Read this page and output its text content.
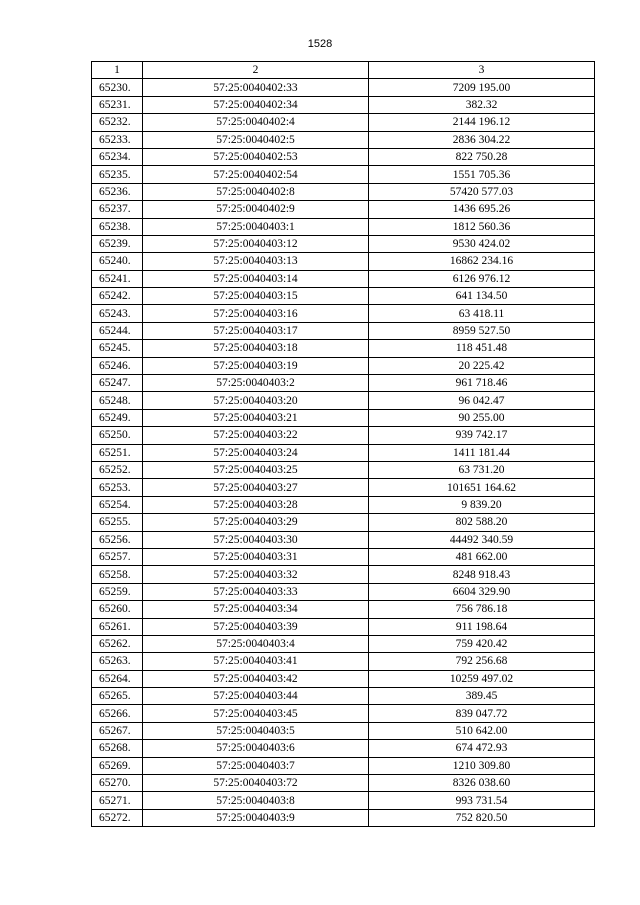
1528
1	2	3
65230.	57:25:0040402:33	7209 195.00
65231.	57:25:0040402:34	382.32
65232.	57:25:0040402:4	2144 196.12
65233.	57:25:0040402:5	2836 304.22
65234.	57:25:0040402:53	822 750.28
65235.	57:25:0040402:54	1551 705.36
65236.	57:25:0040402:8	57420 577.03
65237.	57:25:0040402:9	1436 695.26
65238.	57:25:0040403:1	1812 560.36
65239.	57:25:0040403:12	9530 424.02
65240.	57:25:0040403:13	16862 234.16
65241.	57:25:0040403:14	6126 976.12
65242.	57:25:0040403:15	641 134.50
65243.	57:25:0040403:16	63 418.11
65244.	57:25:0040403:17	8959 527.50
65245.	57:25:0040403:18	118 451.48
65246.	57:25:0040403:19	20 225.42
65247.	57:25:0040403:2	961 718.46
65248.	57:25:0040403:20	96 042.47
65249.	57:25:0040403:21	90 255.00
65250.	57:25:0040403:22	939 742.17
65251.	57:25:0040403:24	1411 181.44
65252.	57:25:0040403:25	63 731.20
65253.	57:25:0040403:27	101651 164.62
65254.	57:25:0040403:28	9 839.20
65255.	57:25:0040403:29	802 588.20
65256.	57:25:0040403:30	44492 340.59
65257.	57:25:0040403:31	481 662.00
65258.	57:25:0040403:32	8248 918.43
65259.	57:25:0040403:33	6604 329.90
65260.	57:25:0040403:34	756 786.18
65261.	57:25:0040403:39	911 198.64
65262.	57:25:0040403:4	759 420.42
65263.	57:25:0040403:41	792 256.68
65264.	57:25:0040403:42	10259 497.02
65265.	57:25:0040403:44	389.45
65266.	57:25:0040403:45	839 047.72
65267.	57:25:0040403:5	510 642.00
65268.	57:25:0040403:6	674 472.93
65269.	57:25:0040403:7	1210 309.80
65270.	57:25:0040403:72	8326 038.60
65271.	57:25:0040403:8	993 731.54
65272.	57:25:0040403:9	752 820.50
